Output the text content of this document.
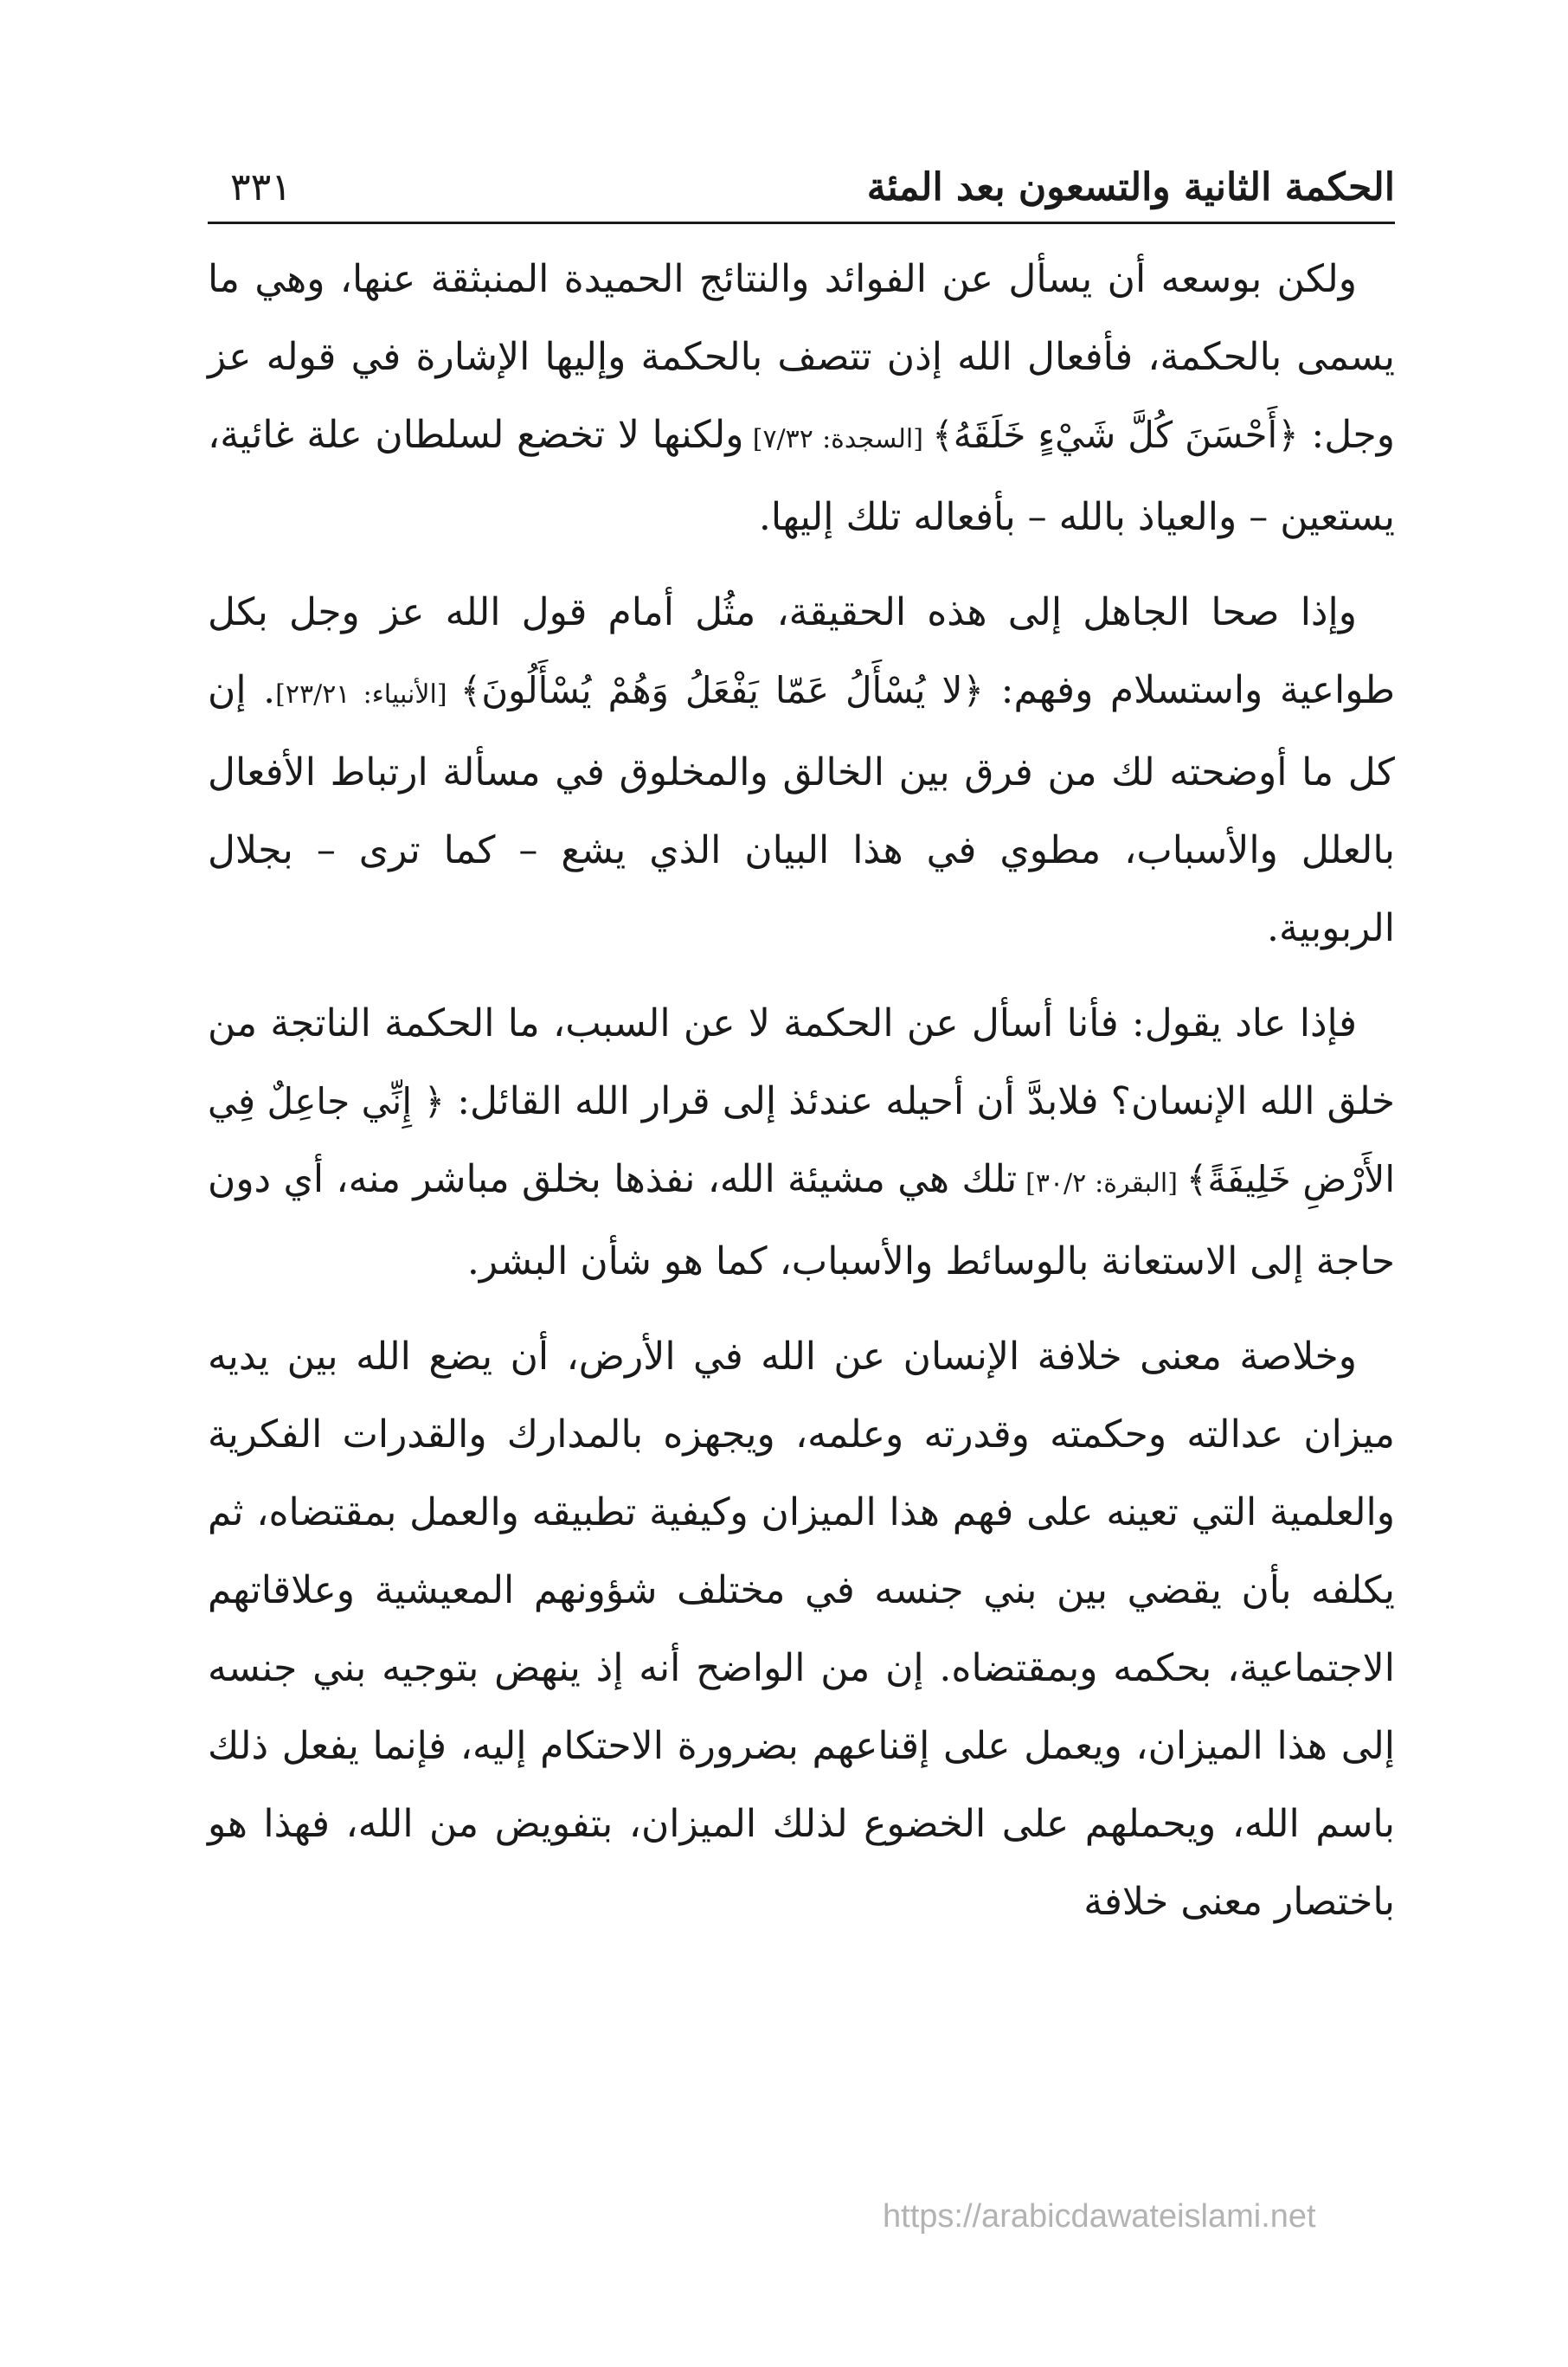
الحكمة الثانية والتسعون بعد المئة
٣٣١

ولكن بوسعه أن يسأل عن الفوائد والنتائج الحميدة المنبثقة عنها، وهي ما يسمى بالحكمة، فأفعال الله إذن تتصف بالحكمة وإليها الإشارة في قوله عز وجل: ﴿أَحْسَنَ كُلَّ شَيْءٍ خَلَقَهُ﴾ [السجدة: ٧/٣٢] ولكنها لا تخضع لسلطان علة غائية، يستعين – والعياذ بالله – بأفعاله تلك إليها.

وإذا صحا الجاهل إلى هذه الحقيقة، مثُل أمام قول الله عز وجل بكل طواعية واستسلام وفهم: ﴿لا يُسْأَلُ عَمّا يَفْعَلُ وَهُمْ يُسْأَلُونَ﴾ [الأنبياء: ٢٣/٢١]. إن كل ما أوضحته لك من فرق بين الخالق والمخلوق في مسألة ارتباط الأفعال بالعلل والأسباب، مطوي في هذا البيان الذي يشع – كما ترى – بجلال الربوبية.

فإذا عاد يقول: فأنا أسأل عن الحكمة لا عن السبب، ما الحكمة الناتجة من خلق الله الإنسان؟ فلابدَّ أن أحيله عندئذ إلى قرار الله القائل: ﴿ إِنِّي جاعِلٌ فِي الأَرْضِ خَلِيفَةً﴾ [البقرة: ٣٠/٢] تلك هي مشيئة الله، نفذها بخلق مباشر منه، أي دون حاجة إلى الاستعانة بالوسائط والأسباب، كما هو شأن البشر.

وخلاصة معنى خلافة الإنسان عن الله في الأرض، أن يضع الله بين يديه ميزان عدالته وحكمته وقدرته وعلمه، ويجهزه بالمدارك والقدرات الفكرية والعلمية التي تعينه على فهم هذا الميزان وكيفية تطبيقه والعمل بمقتضاه، ثم يكلفه بأن يقضي بين بني جنسه في مختلف شؤونهم المعيشية وعلاقاتهم الاجتماعية، بحكمه وبمقتضاه. إن من الواضح أنه إذ ينهض بتوجيه بني جنسه إلى هذا الميزان، ويعمل على إقناعهم بضرورة الاحتكام إليه، فإنما يفعل ذلك باسم الله، ويحملهم على الخضوع لذلك الميزان، بتفويض من الله، فهذا هو باختصار معنى خلافة

https://arabicdawateislami.net
